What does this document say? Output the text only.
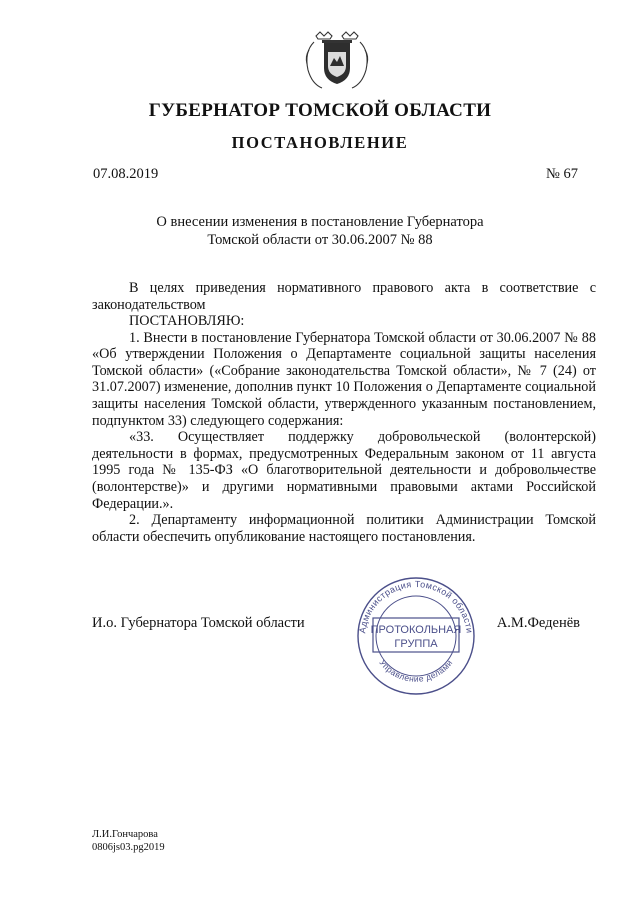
ГУБЕРНАТОР ТОМСКОЙ ОБЛАСТИ
ПОСТАНОВЛЕНИЕ
07.08.2019	№ 67
О внесении изменения в постановление Губернатора
Томской области от 30.06.2007 № 88

В целях приведения нормативного правового акта в соответствие с законодательством

ПОСТАНОВЛЯЮ:

1. Внести в постановление Губернатора Томской области от 30.06.2007 № 88 «Об утверждении Положения о Департаменте социальной защиты населения Томской области» («Собрание законодательства Томской области», № 7 (24) от 31.07.2007) изменение, дополнив пункт 10 Положения о Департаменте социальной защиты населения Томской области, утвержденного указанным постановлением, подпунктом 33) следующего содержания:

«33. Осуществляет поддержку добровольческой (волонтерской) деятельности в формах, предусмотренных Федеральным законом от 11 августа 1995 года № 135-ФЗ «О благотворительной деятельности и добровольчестве (волонтерстве)» и другими нормативными правовыми актами Российской Федерации.».

2. Департаменту информационной политики Администрации Томской области обеспечить опубликование настоящего постановления.

Администрация Томской области
Управление делами
ПРОТОКОЛЬНАЯ
ГРУППА
И.о. Губернатора Томской области	А.М.Феденёв
Л.И.Гончарова
0806js03.pg2019
